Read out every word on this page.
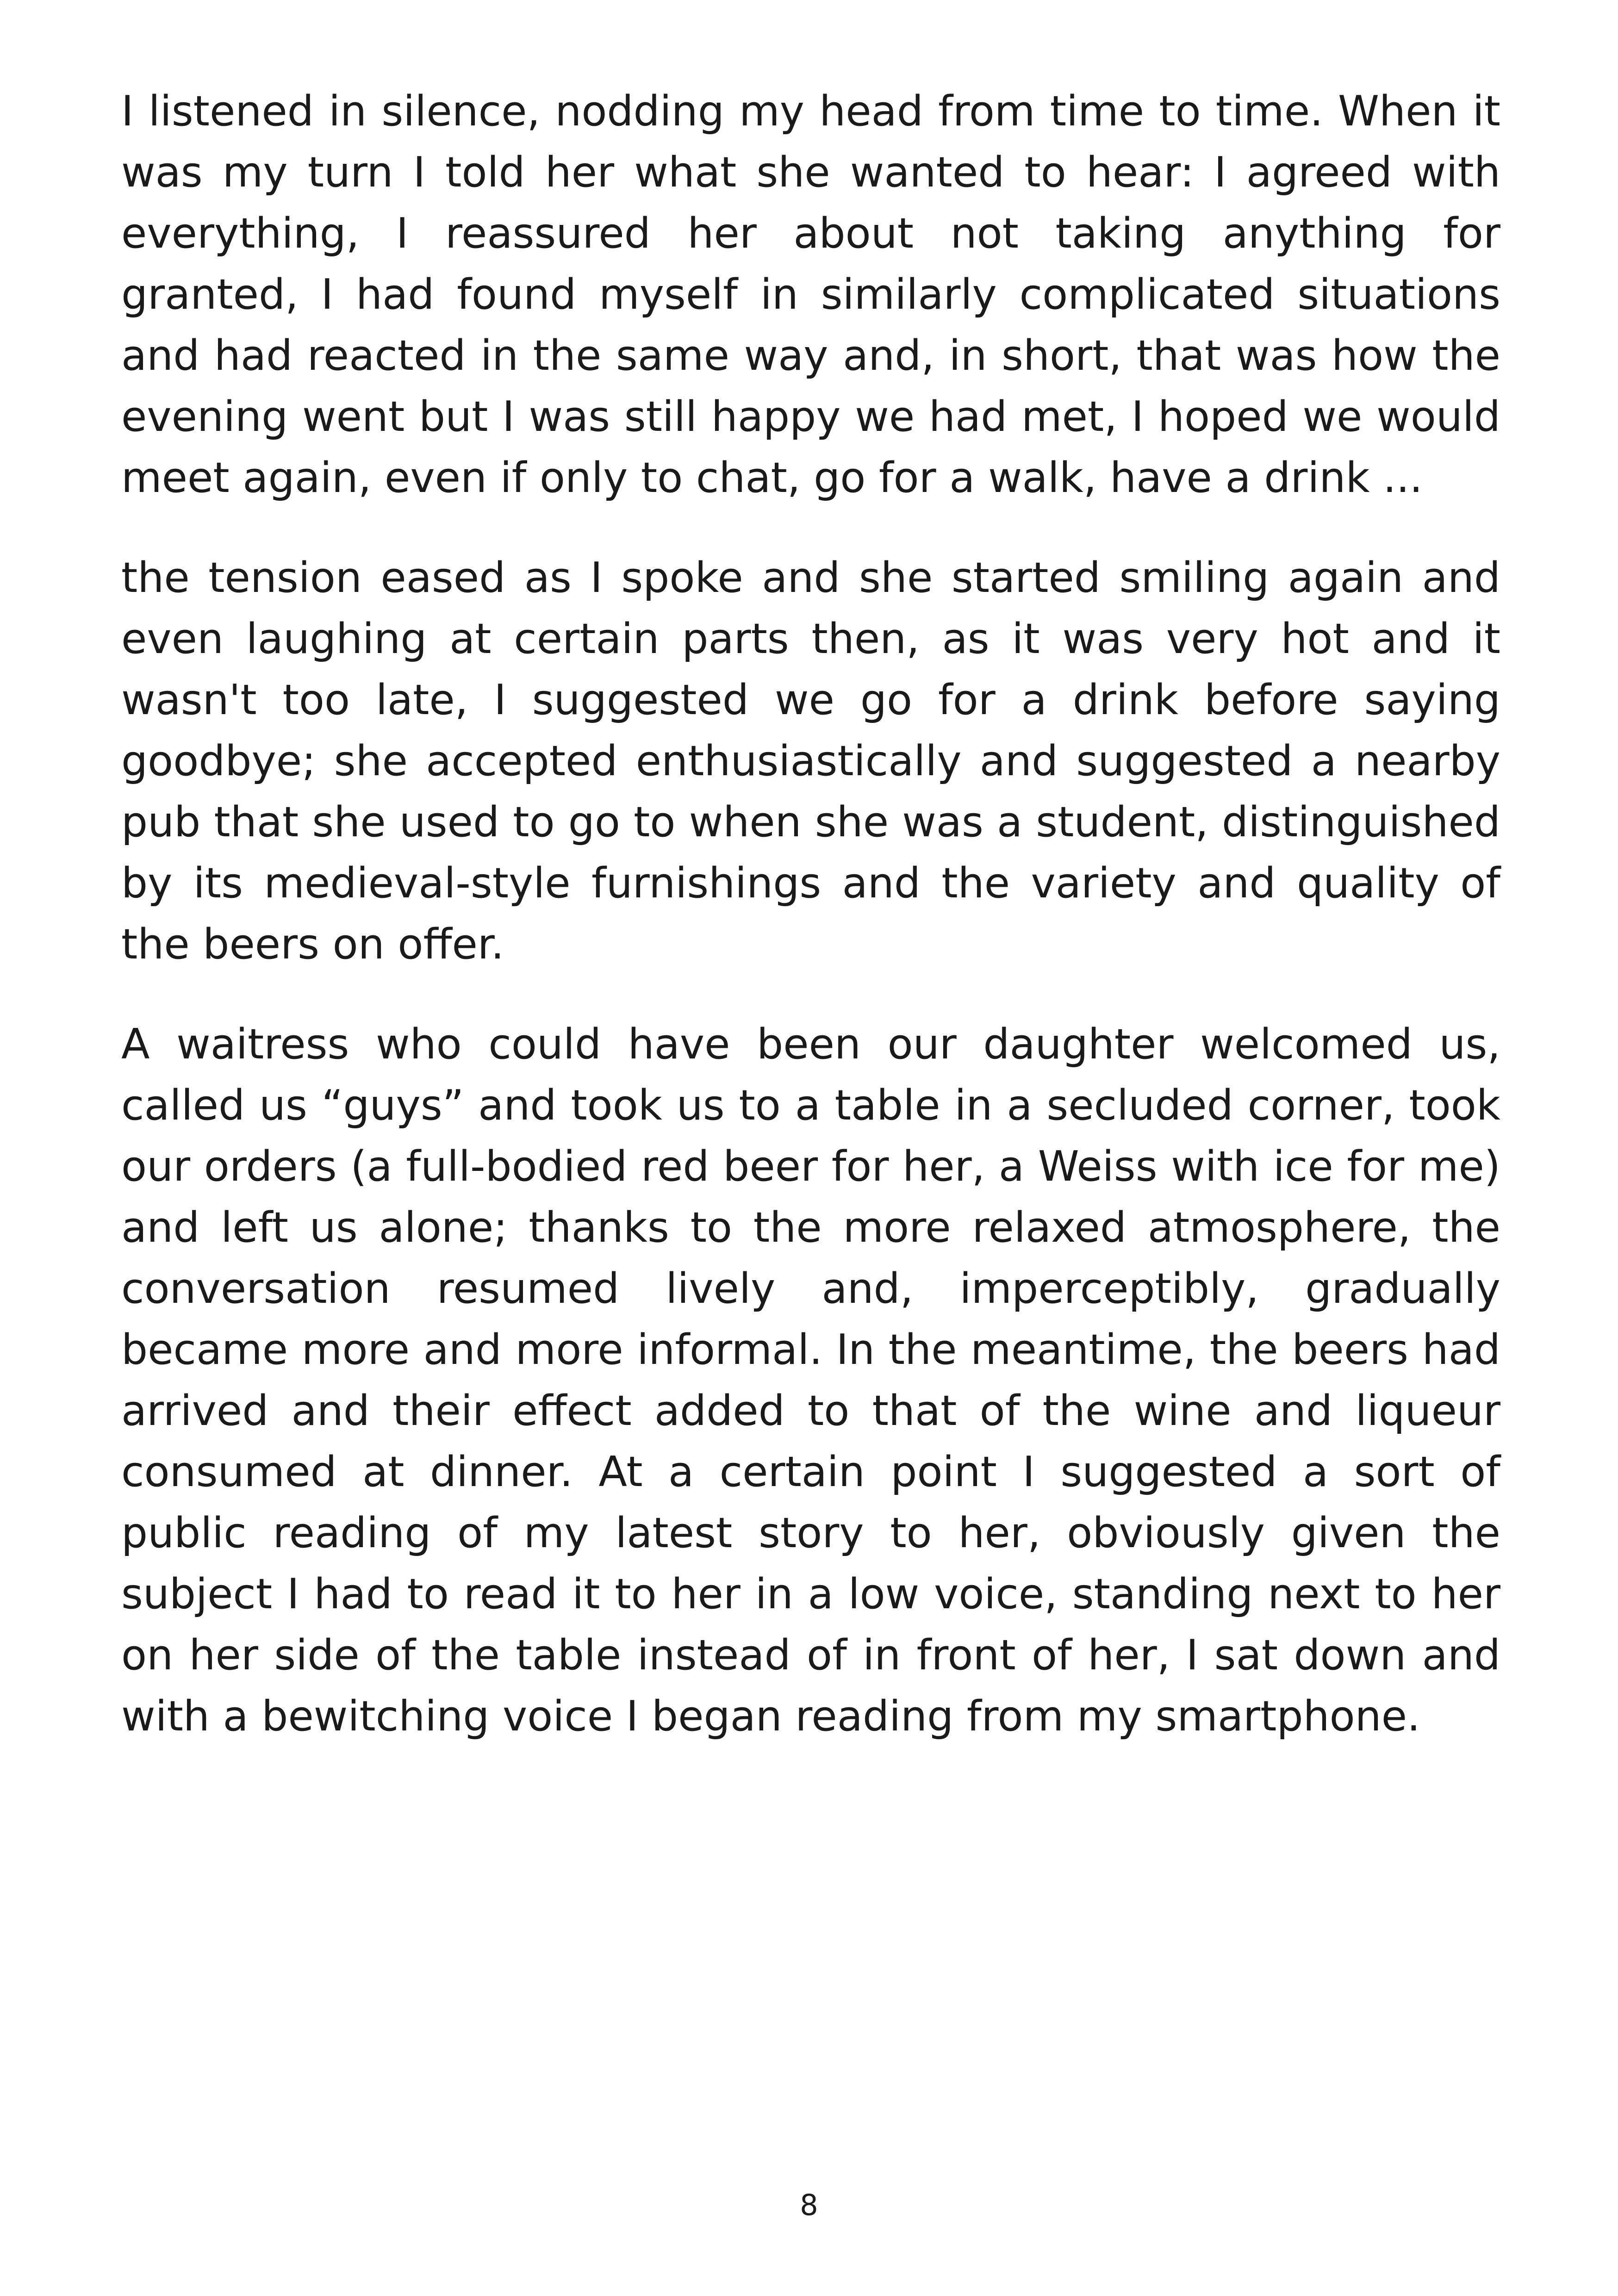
I listened in silence, nodding my head from time to time. When it was my turn I told her what she wanted to hear: I agreed with everything, I reassured her about not taking anything for granted, I had found myself in similarly complicated situations and had reacted in the same way and, in short, that was how the evening went but I was still happy we had met, I hoped we would meet again, even if only to chat, go for a walk, have a drink ...

the tension eased as I spoke and she started smiling again and even laughing at certain parts then, as it was very hot and it wasn't too late, I suggested we go for a drink before saying goodbye; she accepted enthusiastically and suggested a nearby pub that she used to go to when she was a student, distinguished by its medieval-style furnishings and the variety and quality of the beers on offer.

A waitress who could have been our daughter welcomed us, called us “guys” and took us to a table in a secluded corner, took our orders (a full-bodied red beer for her, a Weiss with ice for me) and left us alone; thanks to the more relaxed atmosphere, the conversation resumed lively and, imperceptibly, gradually became more and more informal. In the meantime, the beers had arrived and their effect added to that of the wine and liqueur consumed at dinner. At a certain point I suggested a sort of public reading of my latest story to her, obviously given the subject I had to read it to her in a low voice, standing next to her on her side of the table instead of in front of her, I sat down and with a bewitching voice I began reading from my smartphone.

8
